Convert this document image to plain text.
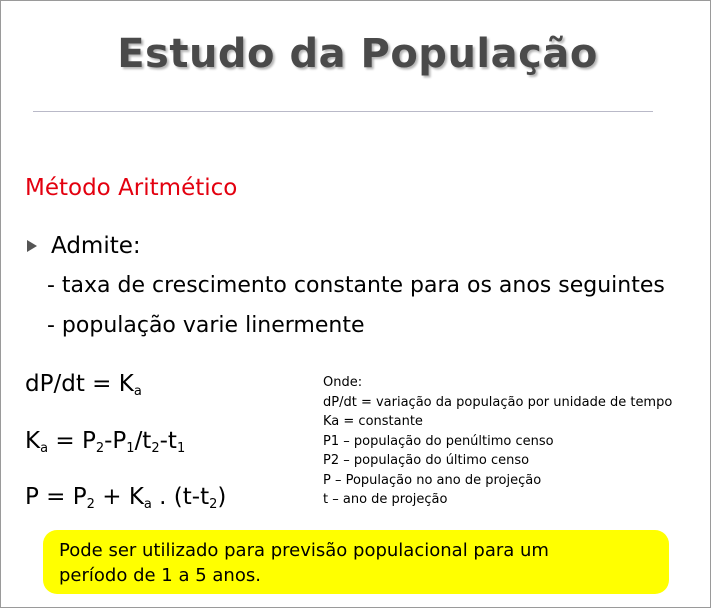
Estudo da População
Método Aritmético
Admite:
- taxa de crescimento constante para os anos seguintes
- população varie linermente
$dP/dt = K_a$
$K_a = P_2-P_1/t_2-t_1$
$P = P_2 + K_a$ . $(t-t_2)$
Onde:
dP/dt = variação da população por unidade de tempo
Ka = constante
P1 – população do penúltimo censo
P2 – população do último censo
P – População no ano de projeção
t – ano de projeção
Pode ser utilizado para previsão populacional para um
período de 1 a 5 anos.
